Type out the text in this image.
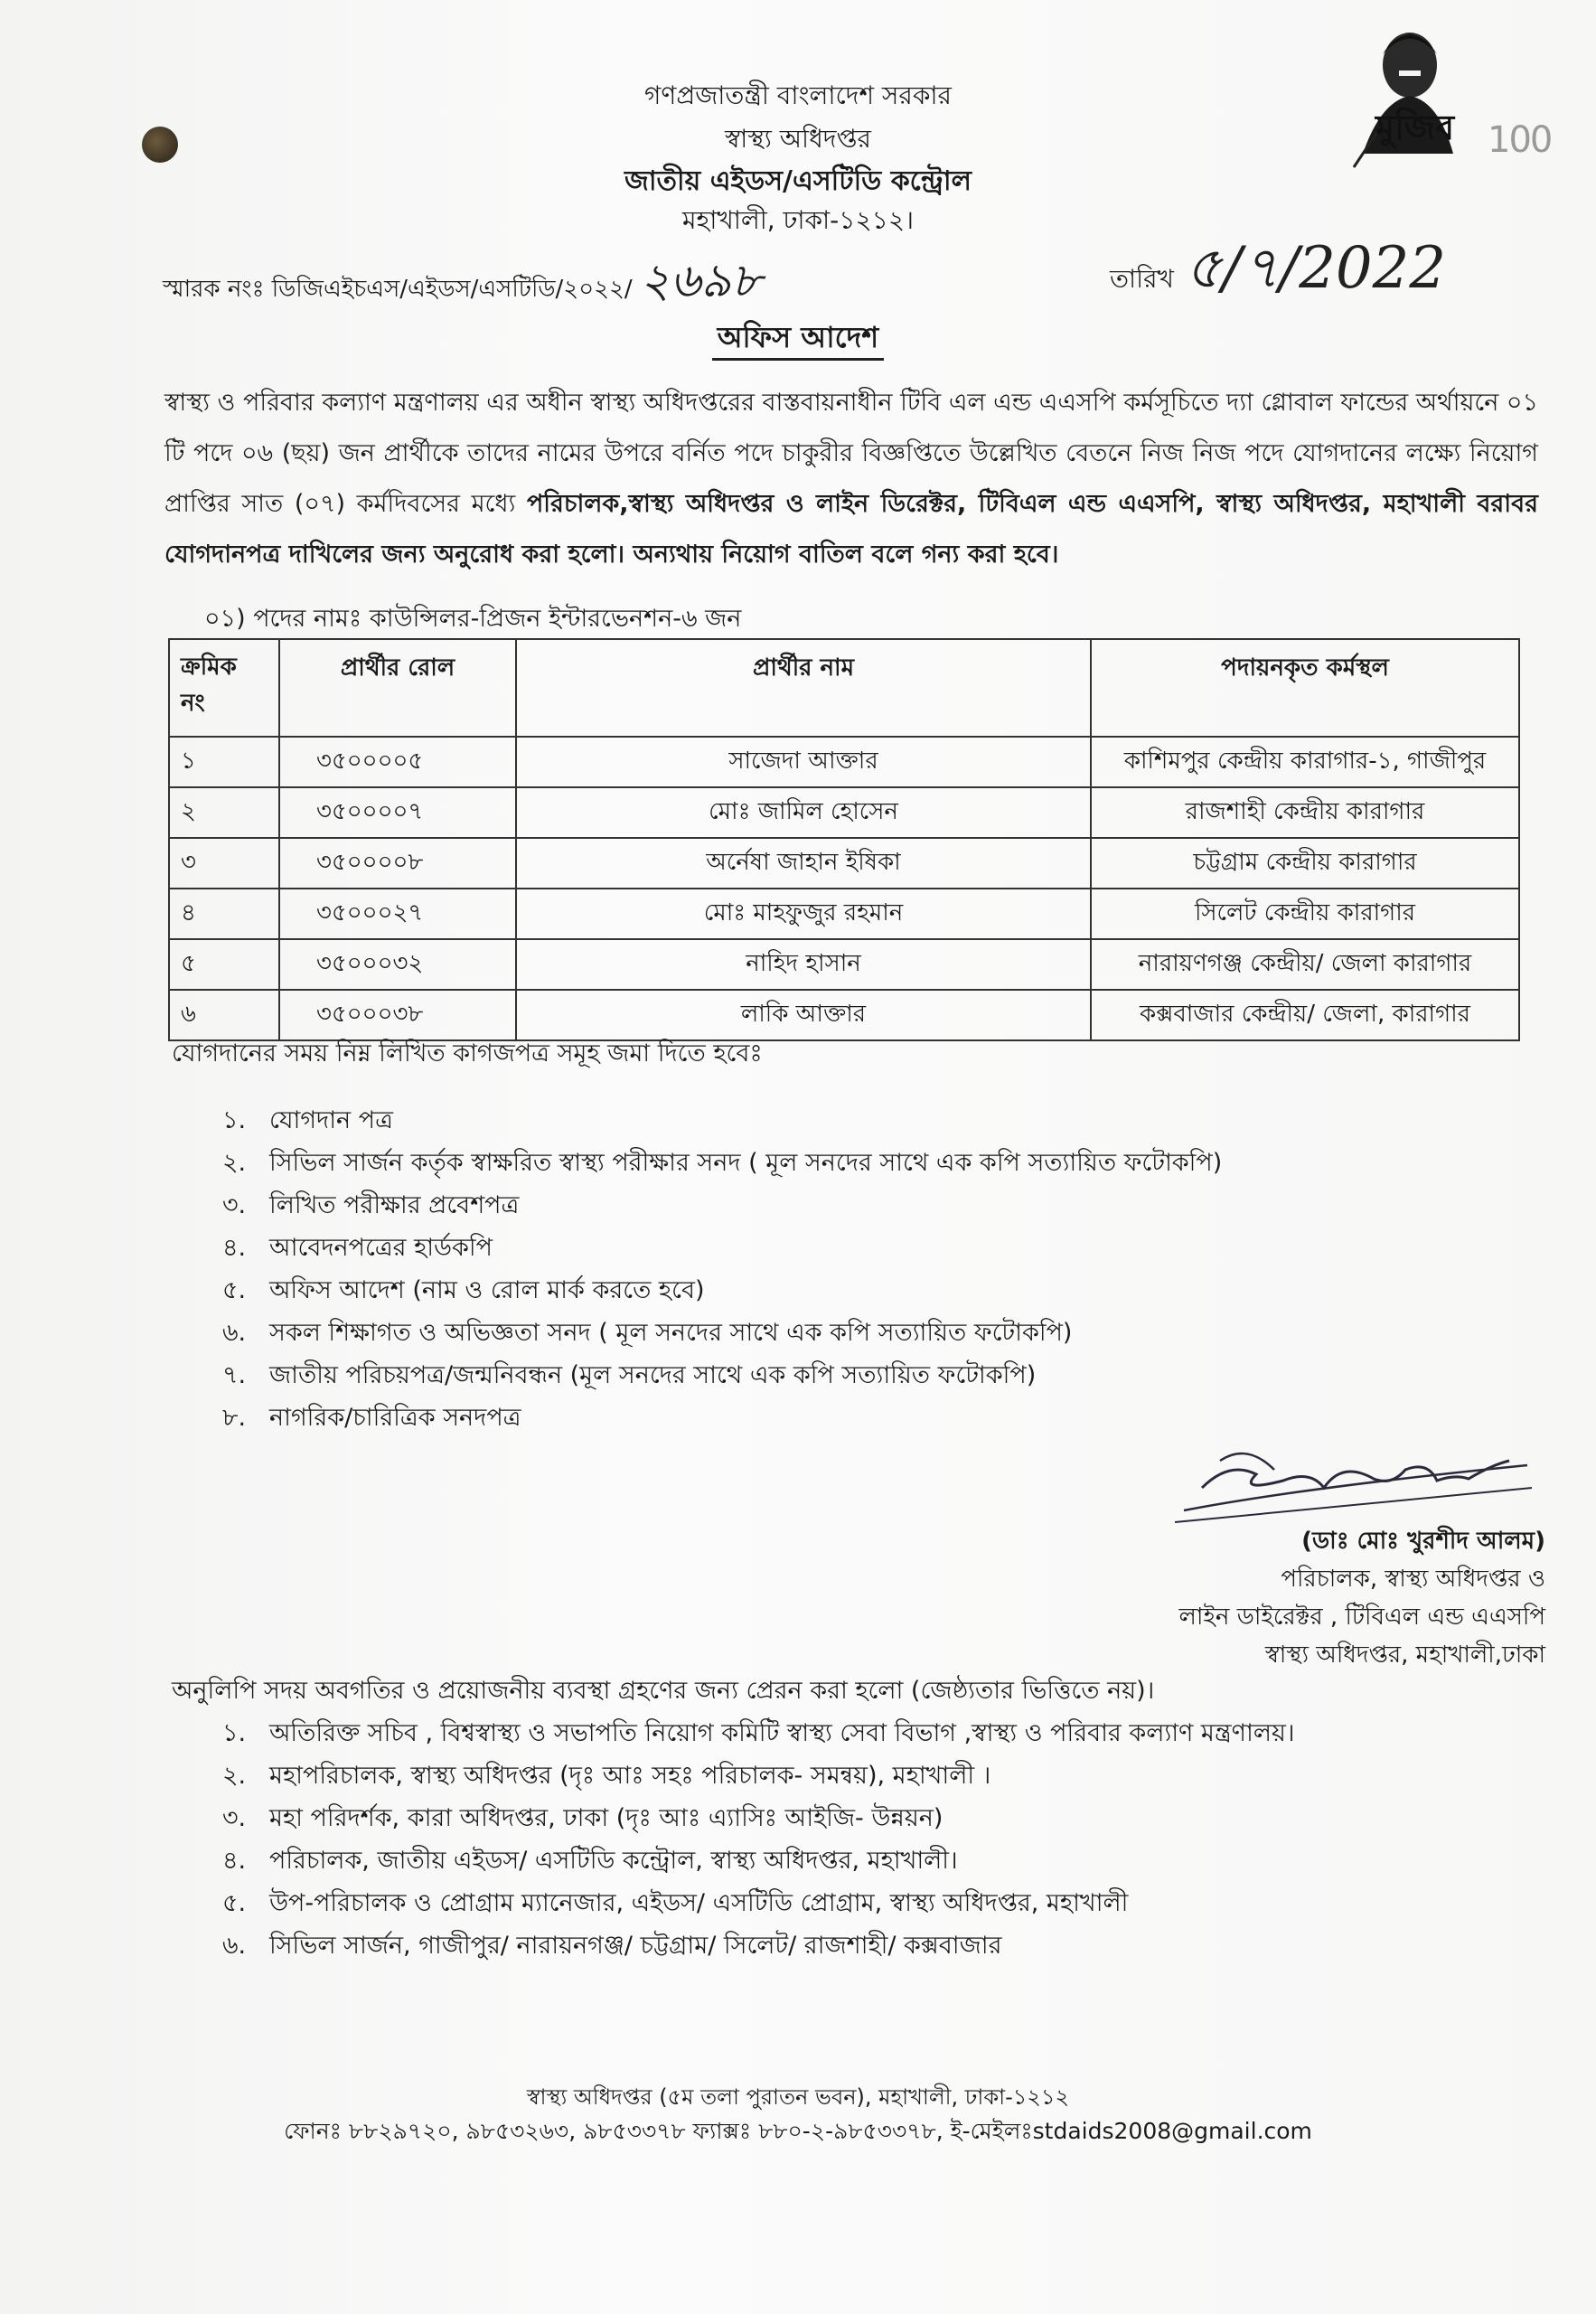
মুজিব 100
গণপ্রজাতন্ত্রী বাংলাদেশ সরকার
স্বাস্থ্য অধিদপ্তর
জাতীয় এইডস/এসটিডি কন্ট্রোল
মহাখালী, ঢাকা-১২১২।
স্মারক নংঃ ডিজিএইচএস/এইডস/এসটিডি/২০২২/ ২৬৯৮	তারিখ ৫/৭/2022
অফিস আদেশ
স্বাস্থ্য ও পরিবার কল্যাণ মন্ত্রণালয় এর অধীন স্বাস্থ্য অধিদপ্তরের বাস্তবায়নাধীন টিবি এল এন্ড এএসপি কর্মসূচিতে দ্যা গ্লোবাল ফান্ডের অর্থায়নে ০১ টি পদে ০৬ (ছয়) জন প্রার্থীকে তাদের নামের উপরে বর্নিত পদে চাকুরীর বিজ্ঞপ্তিতে উল্লেখিত বেতনে নিজ নিজ পদে যোগদানের লক্ষ্যে নিয়োগ প্রাপ্তির সাত (০৭) কর্মদিবসের মধ্যে পরিচালক,স্বাস্থ্য অধিদপ্তর ও লাইন ডিরেক্টর, টিবিএল এন্ড এএসপি, স্বাস্থ্য অধিদপ্তর, মহাখালী বরাবর যোগদানপত্র দাখিলের জন্য অনুরোধ করা হলো। অন্যথায় নিয়োগ বাতিল বলে গন্য করা হবে।
০১) পদের নামঃ কাউন্সিলর-প্রিজন ইন্টারভেনশন-৬ জন
ক্রমিক নং	প্রার্থীর রোল	প্রার্থীর নাম	পদায়নকৃত কর্মস্থল
১	৩৫০০০০৫	সাজেদা আক্তার	কাশিমপুর কেন্দ্রীয় কারাগার-১, গাজীপুর
২	৩৫০০০০৭	মোঃ জামিল হোসেন	রাজশাহী কেন্দ্রীয় কারাগার
৩	৩৫০০০০৮	অর্নেষা জাহান ইষিকা	চট্টগ্রাম কেন্দ্রীয় কারাগার
৪	৩৫০০০২৭	মোঃ মাহফুজুর রহমান	সিলেট কেন্দ্রীয় কারাগার
৫	৩৫০০০৩২	নাহিদ হাসান	নারায়ণগঞ্জ কেন্দ্রীয়/ জেলা কারাগার
৬	৩৫০০০৩৮	লাকি আক্তার	কক্সবাজার কেন্দ্রীয়/ জেলা, কারাগার
যোগদানের সময় নিম্ন লিখিত কাগজপত্র সমূহ জমা দিতে হবেঃ
১. যোগদান পত্র
২. সিভিল সার্জন কর্তৃক স্বাক্ষরিত স্বাস্থ্য পরীক্ষার সনদ ( মূল সনদের সাথে এক কপি সত্যায়িত ফটোকপি)
৩. লিখিত পরীক্ষার প্রবেশপত্র
৪. আবেদনপত্রের হার্ডকপি
৫. অফিস আদেশ (নাম ও রোল মার্ক করতে হবে)
৬. সকল শিক্ষাগত ও অভিজ্ঞতা সনদ ( মূল সনদের সাথে এক কপি সত্যায়িত ফটোকপি)
৭. জাতীয় পরিচয়পত্র/জন্মনিবন্ধন (মূল সনদের সাথে এক কপি সত্যায়িত ফটোকপি)
৮. নাগরিক/চারিত্রিক সনদপত্র
(ডাঃ মোঃ খুরশীদ আলম)
পরিচালক, স্বাস্থ্য অধিদপ্তর ও
লাইন ডাইরেক্টর , টিবিএল এন্ড এএসপি
স্বাস্থ্য অধিদপ্তর, মহাখালী,ঢাকা
অনুলিপি সদয় অবগতির ও প্রয়োজনীয় ব্যবস্থা গ্রহণের জন্য প্রেরন করা হলো (জেষ্ঠ্যতার ভিত্তিতে নয়)।
১. অতিরিক্ত সচিব , বিশ্বস্বাস্থ্য ও সভাপতি নিয়োগ কমিটি স্বাস্থ্য সেবা বিভাগ ,স্বাস্থ্য ও পরিবার কল্যাণ মন্ত্রণালয়।
২. মহাপরিচালক, স্বাস্থ্য অধিদপ্তর (দৃঃ আঃ সহঃ পরিচালক- সমন্বয়), মহাখালী ।
৩. মহা পরিদর্শক, কারা অধিদপ্তর, ঢাকা (দৃঃ আঃ এ্যাসিঃ আইজি- উন্নয়ন)
৪. পরিচালক, জাতীয় এইডস/ এসটিডি কন্ট্রোল, স্বাস্থ্য অধিদপ্তর, মহাখালী।
৫. উপ-পরিচালক ও প্রোগ্রাম ম্যানেজার, এইডস/ এসটিডি প্রোগ্রাম, স্বাস্থ্য অধিদপ্তর, মহাখালী
৬. সিভিল সার্জন, গাজীপুর/ নারায়নগঞ্জ/ চট্টগ্রাম/ সিলেট/ রাজশাহী/ কক্সবাজার
স্বাস্থ্য অধিদপ্তর (৫ম তলা পুরাতন ভবন), মহাখালী, ঢাকা-১২১২
ফোনঃ ৮৮২৯৭২০, ৯৮৫৩২৬৩, ৯৮৫৩৩৭৮ ফ্যাক্সঃ ৮৮০-২-৯৮৫৩৩৭৮, ই-মেইলঃstdaids2008@gmail.com
